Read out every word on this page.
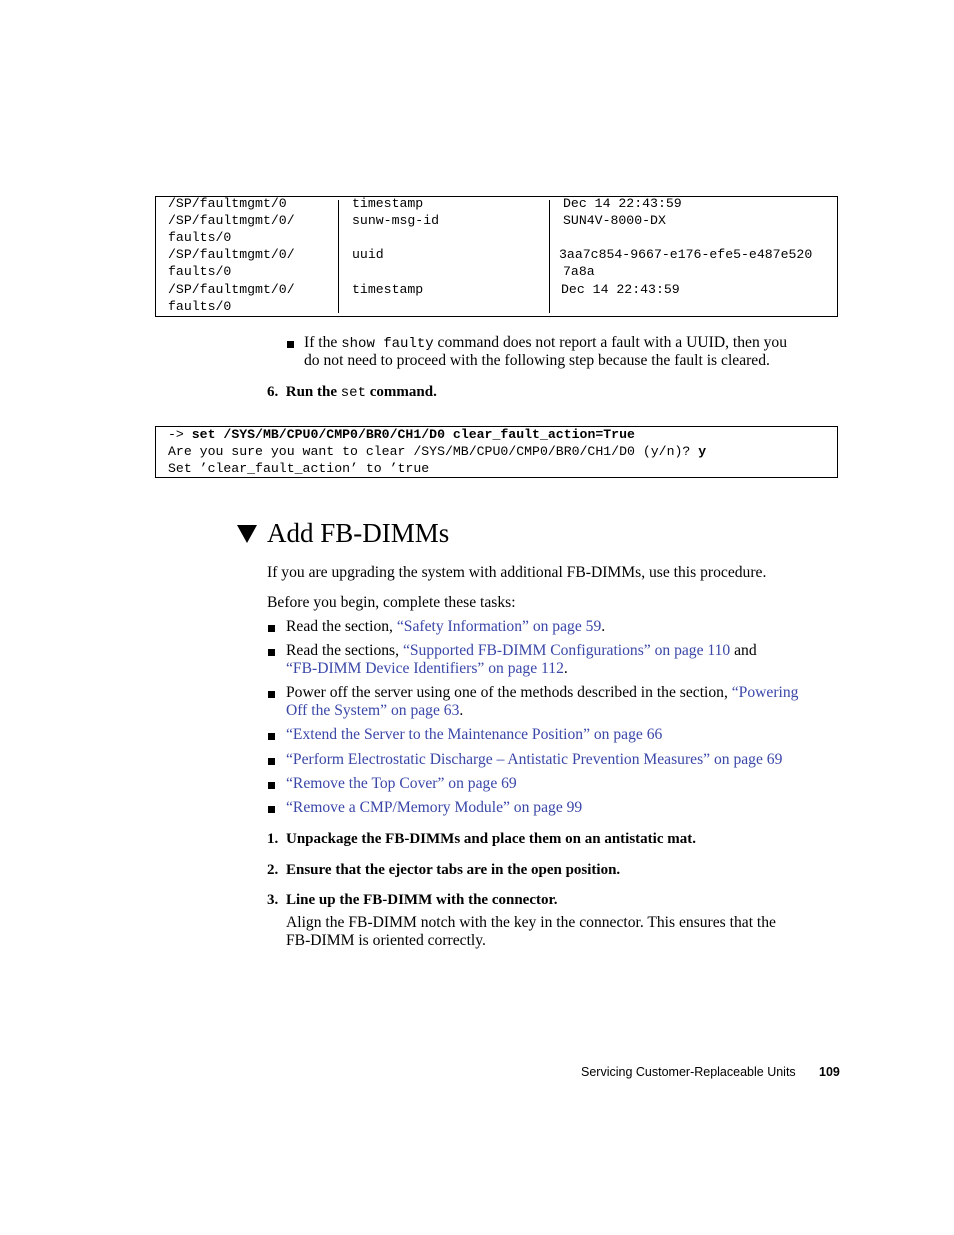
/SP/faultmgmt/0	timestamp	Dec 14 22:43:59
/SP/faultmgmt/0/	sunw-msg-id	SUN4V-8000-DX
faults/0
/SP/faultmgmt/0/	uuid	3aa7c854-9667-e176-efe5-e487e520
faults/0	7a8a
/SP/faultmgmt/0/	timestamp	Dec 14 22:43:59
faults/0
If the show faulty command does not report a fault with a UUID, then you
do not need to proceed with the following step because the fault is cleared.
6. Run the set command.
-> set /SYS/MB/CPU0/CMP0/BR0/CH1/D0 clear_fault_action=True
Are you sure you want to clear /SYS/MB/CPU0/CMP0/BR0/CH1/D0 (y/n)? y
Set ’clear_fault_action’ to ’true
Add FB-DIMMs
If you are upgrading the system with additional FB-DIMMs, use this procedure.
Before you begin, complete these tasks:
Read the section, “Safety Information” on page 59.
Read the sections, “Supported FB-DIMM Configurations” on page 110 and
“FB-DIMM Device Identifiers” on page 112.
Power off the server using one of the methods described in the section, “Powering
Off the System” on page 63.
“Extend the Server to the Maintenance Position” on page 66
“Perform Electrostatic Discharge – Antistatic Prevention Measures” on page 69
“Remove the Top Cover” on page 69
“Remove a CMP/Memory Module” on page 99
1. Unpackage the FB-DIMMs and place them on an antistatic mat.
2. Ensure that the ejector tabs are in the open position.
3. Line up the FB-DIMM with the connector.
Align the FB-DIMM notch with the key in the connector. This ensures that the
FB-DIMM is oriented correctly.
Servicing Customer-Replaceable Units 109
